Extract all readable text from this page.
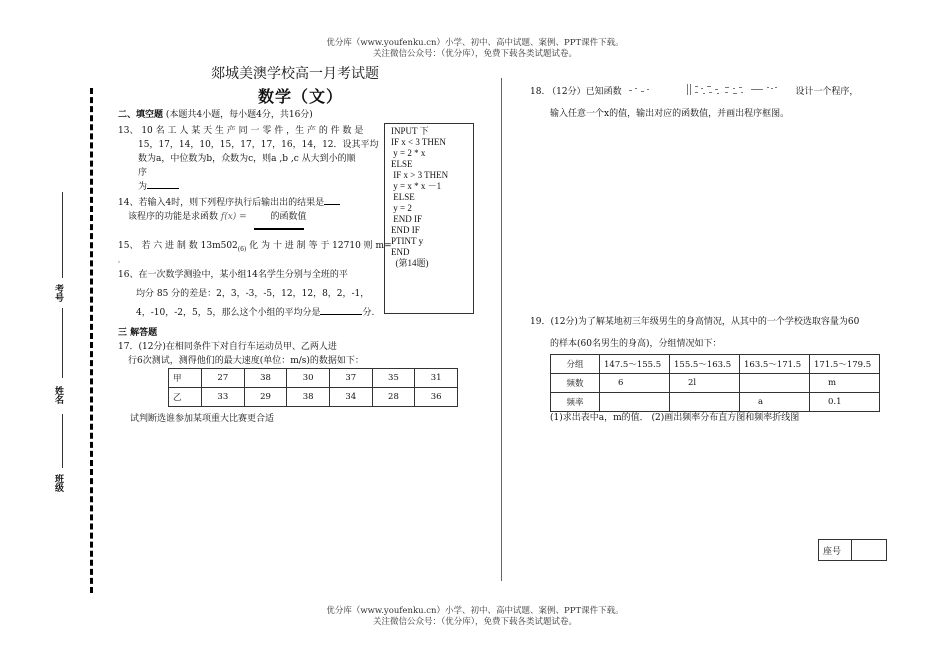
优分库（www.youfenku.cn）小学、初中、高中试题、案例、PPT课件下载。
关注微信公众号：（优分库），免费下载各类试题试卷。
优分库（www.youfenku.cn）小学、初中、高中试题、案例、PPT课件下载。
关注微信公众号：（优分库），免费下载各类试题试卷。
考号
姓名
班级
郯城美澳学校高一月考试题
数学（文）
二、填空题 (本题共4小题，每小题4分，共16分)
13、 10 名 工 人 某 天 生 产 同 一 零 件 ，生 产 的 件 数 是
15，17，14，10，15，17，17，16，14，12．设其平均
数为a，中位数为b，众数为c，则a ,b ,c 从大到小的顺
序
为
14、若输入4时，则下列程序执行后输出出的结果是
该程序的功能是求函数 f(x) =	的函数值
INPUT 下
IF x < 3 THEN
y = 2 * x
ELSE
IF x > 3 THEN
y = x * x －1
ELSE
y = 2
END IF
END IF
PTINT y
END
(第14题)
15、 若 六 进 制 数 $13m502_{(6)}$ 化 为 十 进 制 等 于 12710 则 m=
，
16、在一次数学测验中，某小组14名学生分别与全班的平
均分 85 分的差是：2，3，-3，-5，12，12，8，2，-1，
4，-10，-2，5，5，那么这个小组的平均分是	分.
三 解答题
17．(12分)在相同条件下对自行车运动员甲、乙两人进
行6次测试，测得他们的最大速度(单位：m/s)的数据如下：
甲	27	38	30	37	35	31
乙	33	29	38	34	28	36
试判断选谁参加某项重大比赛更合适
18. （12分）已知函数	设计一个程序，
输入任意一个x的值，输出对应的函数值，并画出程序框图。
19．(12分)为了解某地初三年级男生的身高情况，从其中的一个学校选取容量为60
的样本(60名男生的身高)，分组情况如下：
分组	147.5～155.5	155.5～163.5	163.5～171.5	171.5～179.5
频数	6	2l		m
频率			a	0.1
(1)求出表中a，m的值． (2)画出频率分布直方图和频率折线图
座号	
